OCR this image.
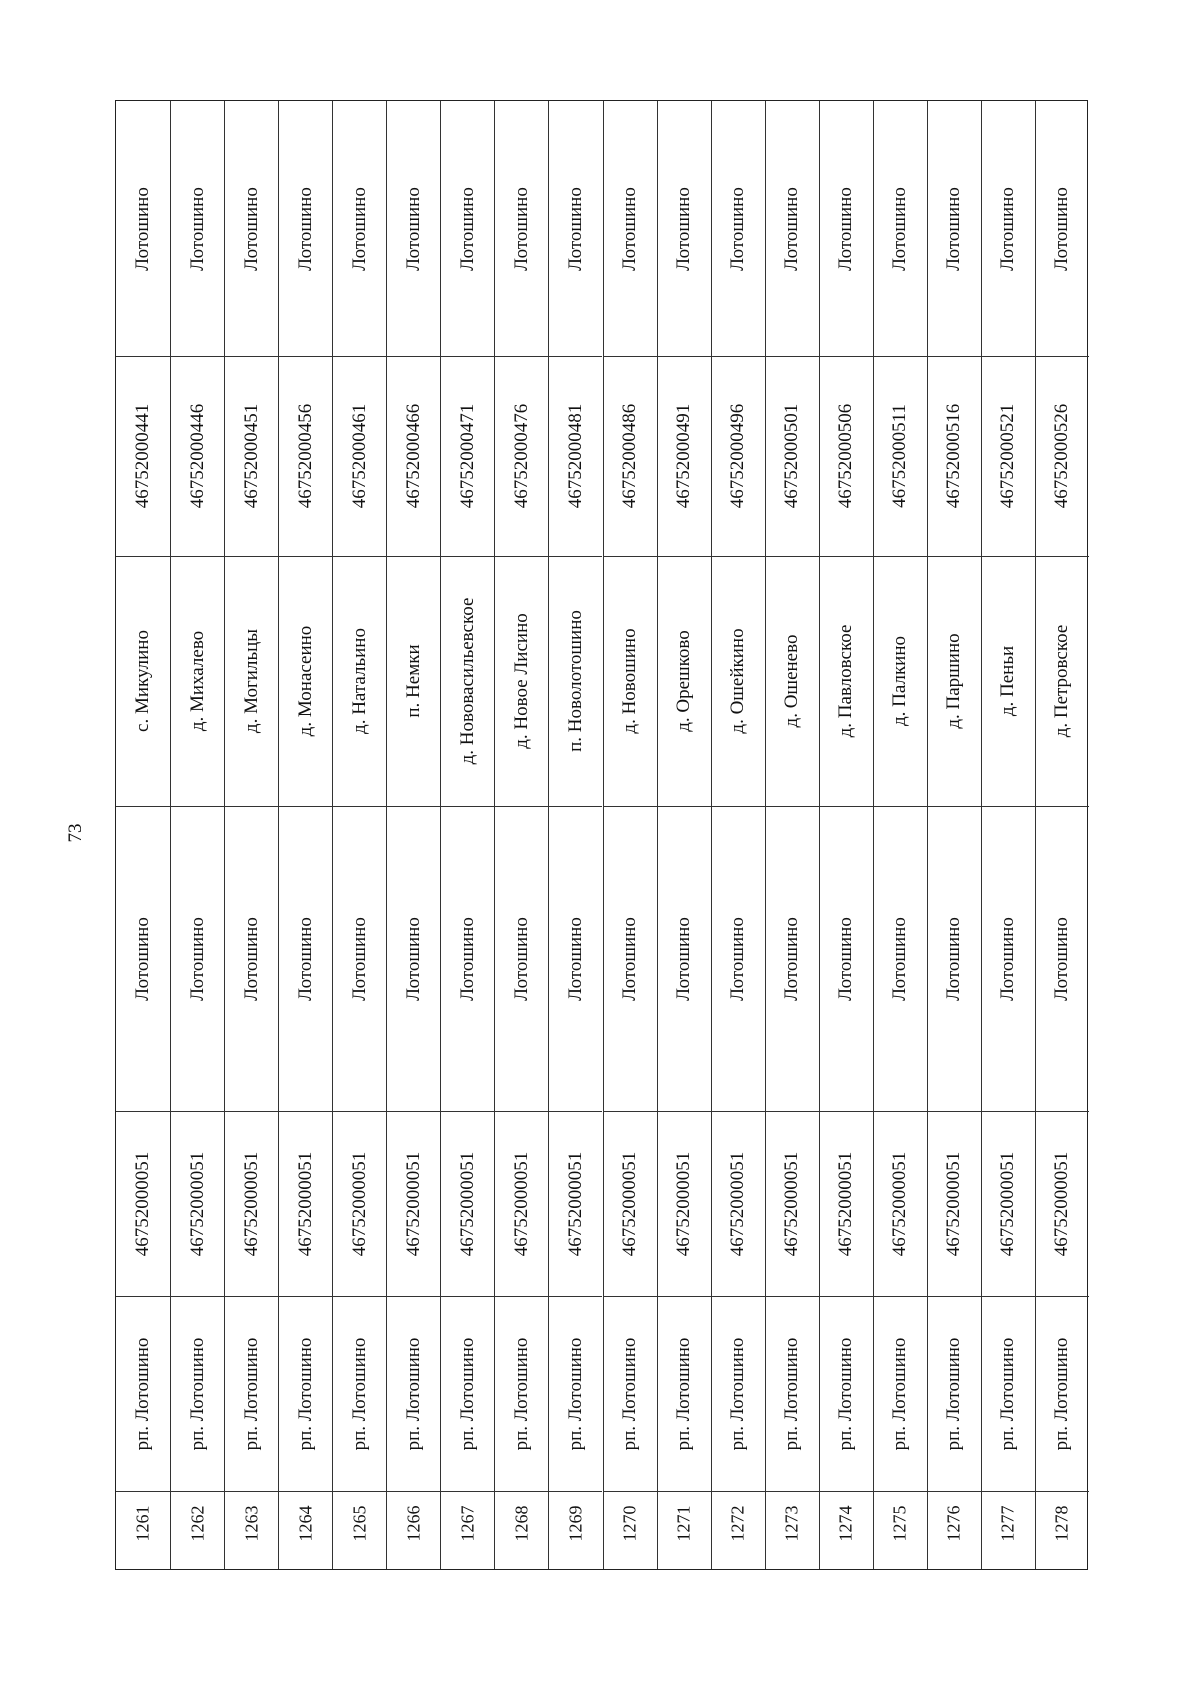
73
Лотошино
46752000441
с. Микулино
Лотошино
46752000051
рп. Лотошино
1261
Лотошино
46752000446
д. Михалево
Лотошино
46752000051
рп. Лотошино
1262
Лотошино
46752000451
д. Могильцы
Лотошино
46752000051
рп. Лотошино
1263
Лотошино
46752000456
д. Монасеино
Лотошино
46752000051
рп. Лотошино
1264
Лотошино
46752000461
д. Натальино
Лотошино
46752000051
рп. Лотошино
1265
Лотошино
46752000466
п. Немки
Лотошино
46752000051
рп. Лотошино
1266
Лотошино
46752000471
д. Нововасильевское
Лотошино
46752000051
рп. Лотошино
1267
Лотошино
46752000476
д. Новое Лисино
Лотошино
46752000051
рп. Лотошино
1268
Лотошино
46752000481
п. Новолотошино
Лотошино
46752000051
рп. Лотошино
1269
Лотошино
46752000486
д. Новошино
Лотошино
46752000051
рп. Лотошино
1270
Лотошино
46752000491
д. Орешково
Лотошино
46752000051
рп. Лотошино
1271
Лотошино
46752000496
д. Ошейкино
Лотошино
46752000051
рп. Лотошино
1272
Лотошино
46752000501
д. Ошенево
Лотошино
46752000051
рп. Лотошино
1273
Лотошино
46752000506
д. Павловское
Лотошино
46752000051
рп. Лотошино
1274
Лотошино
46752000511
д. Палкино
Лотошино
46752000051
рп. Лотошино
1275
Лотошино
46752000516
д. Паршино
Лотошино
46752000051
рп. Лотошино
1276
Лотошино
46752000521
д. Пеньи
Лотошино
46752000051
рп. Лотошино
1277
Лотошино
46752000526
д. Петровское
Лотошино
46752000051
рп. Лотошино
1278
